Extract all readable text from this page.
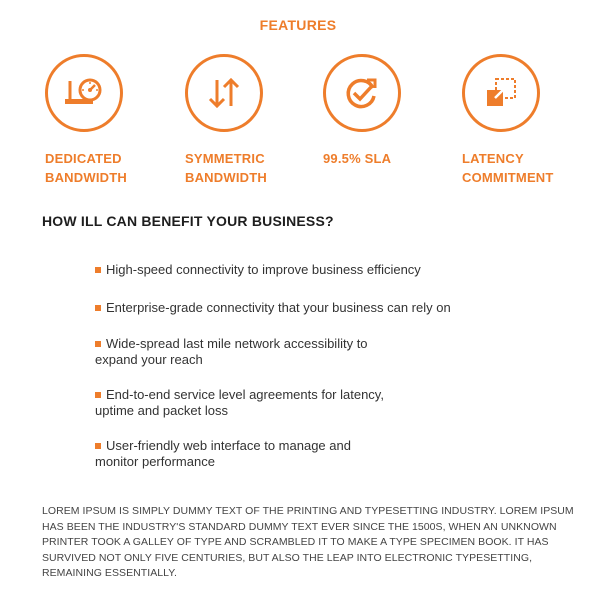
FEATURES
DEDICATED
BANDWIDTH
SYMMETRIC
BANDWIDTH
99.5% SLA	LATENCY
COMMITMENT
HOW ILL CAN BENEFIT YOUR BUSINESS?
High-speed connectivity to improve business efficiency
Enterprise-grade connectivity that your business can rely on
Wide-spread last mile network accessibility to
expand your reach
End-to-end service level agreements for latency,
uptime and packet loss
User-friendly web interface to manage and
monitor performance
LOREM IPSUM IS SIMPLY DUMMY TEXT OF THE PRINTING AND TYPESETTING INDUSTRY. LOREM IPSUM HAS BEEN THE INDUSTRY'S STANDARD DUMMY TEXT EVER SINCE THE 1500S, WHEN AN UNKNOWN PRINTER TOOK A GALLEY OF TYPE AND SCRAMBLED IT TO MAKE A TYPE SPECIMEN BOOK. IT HAS SURVIVED NOT ONLY FIVE CENTURIES, BUT ALSO THE LEAP INTO ELECTRONIC TYPESETTING, REMAINING ESSENTIALLY.
